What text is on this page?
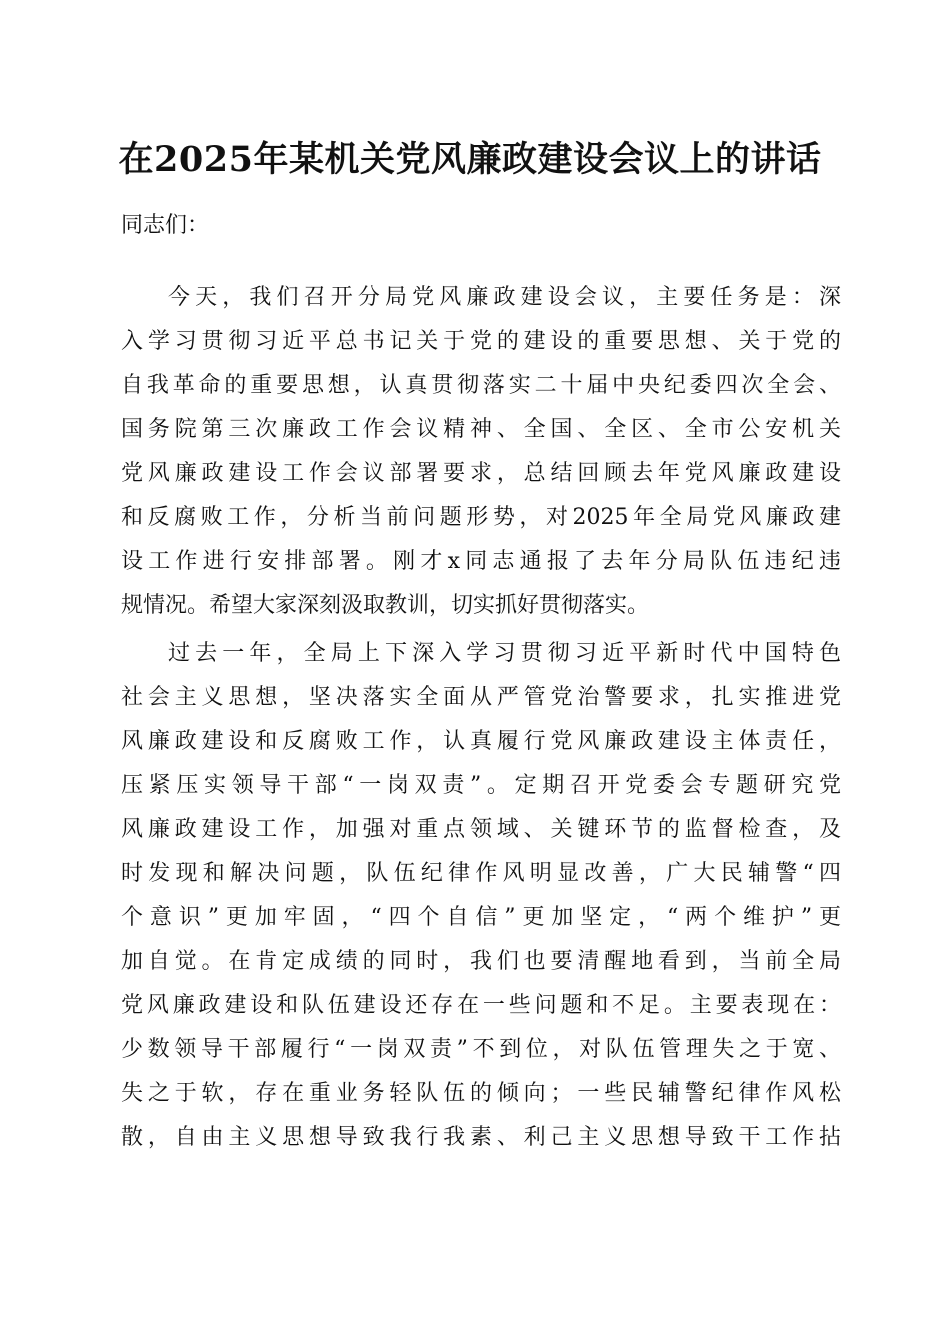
在2025年某机关党风廉政建设会议上的讲话

同志们：

今天，我们召开分局党风廉政建设会议，主要任务是：深

入学习贯彻习近平总书记关于党的建设的重要思想、关于党的

自我革命的重要思想，认真贯彻落实二十届中央纪委四次全会、

国务院第三次廉政工作会议精神、全国、全区、全市公安机关

党风廉政建设工作会议部署要求，总结回顾去年党风廉政建设

和反腐败工作，分析当前问题形势，对2025年全局党风廉政建

设工作进行安排部署。刚才x同志通报了去年分局队伍违纪违

规情况。希望大家深刻汲取教训，切实抓好贯彻落实。

过去一年，全局上下深入学习贯彻习近平新时代中国特色

社会主义思想，坚决落实全面从严管党治警要求，扎实推进党

风廉政建设和反腐败工作，认真履行党风廉政建设主体责任，

压紧压实领导干部“一岗双责”。定期召开党委会专题研究党

风廉政建设工作，加强对重点领域、关键环节的监督检查，及

时发现和解决问题，队伍纪律作风明显改善，广大民辅警“四

个意识”更加牢固，“四个自信”更加坚定，“两个维护”更

加自觉。在肯定成绩的同时，我们也要清醒地看到，当前全局

党风廉政建设和队伍建设还存在一些问题和不足。主要表现在：

少数领导干部履行“一岗双责”不到位，对队伍管理失之于宽、

失之于软，存在重业务轻队伍的倾向；一些民辅警纪律作风松

散，自由主义思想导致我行我素、利己主义思想导致干工作拈
